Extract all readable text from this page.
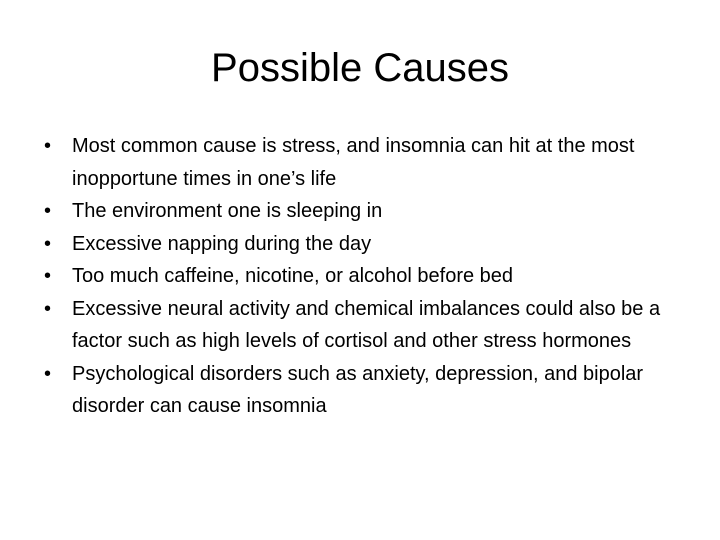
Possible Causes
•	Most common cause is stress, and insomnia can hit at the most inopportune times in one’s life
•	The environment one is sleeping in
•	Excessive napping during the day
•	Too much caffeine, nicotine, or alcohol before bed
•	Excessive neural activity and chemical imbalances could also be a factor such as high levels of cortisol and other stress hormones
•	Psychological disorders such as anxiety, depression, and bipolar disorder can cause insomnia
